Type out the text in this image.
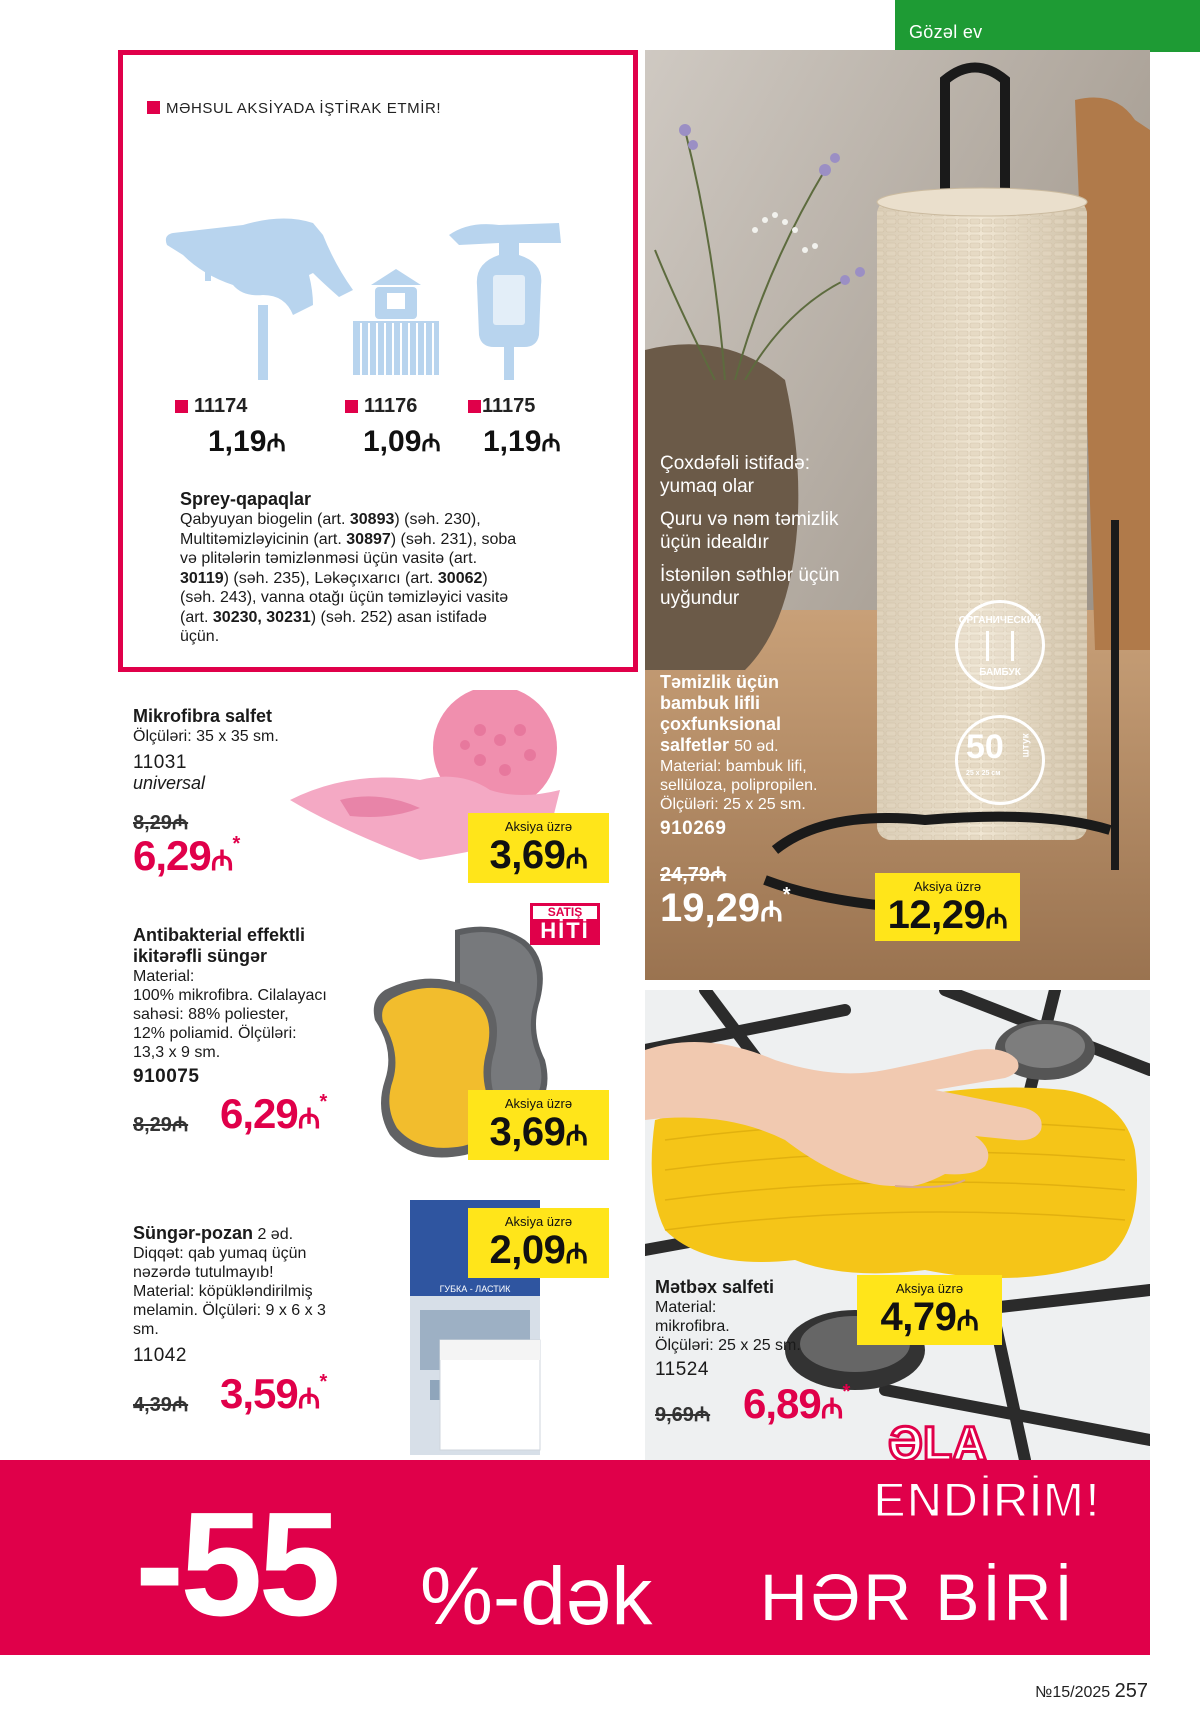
Gözəl ev
MƏHSUL AKSİYADA İŞTİRAK ETMİR!
11174	11176	11175
1,19₼	1,09₼ 1,19₼
Sprey-qapaqlar
Qabyuyan biogelin (art. 30893) (səh. 230),
Multitəmizləyicinin (art. 30897) (səh. 231), soba
və plitələrin təmizlənməsi üçün vasitə (art.
30119) (səh. 235), Ləkəçıxarıcı (art. 30062)
(səh. 243), vanna otağı üçün təmizləyici vasitə
(art. 30230, 30231) (səh. 252) asan istifadə
üçün.
ОРГАНИЧЕСКИЙ
БАМБУК
50 штук
25 x 25 см
Çoxdəfəli istifadə:
yumaq olar
Quru və nəm təmizlik
üçün idealdır
İstənilən səthlər üçün
uyğundur
Təmizlik üçün
bambuk lifli
çoxfunksional
salfetlər 50 əd.
Material: bambuk lifi,
sellüloza, polipropilen.
Ölçüləri: 25 x 25 sm.
910269
24,79₼
19,29₼*	Aksiya üzrə
12,29₼
Mikrofibra salfet
Ölçüləri: 35 x 35 sm.
11031
universal
8,29₼
6,29₼*
Aksiya üzrə
3,69₼
SATIŞ
HİTİ
Antibakterial effektli
ikitərəfli süngər
Material:
100% mikrofibra. Cilalayacı
sahəsi: 88% poliester,
12% poliamid. Ölçüləri:
13,3 x 9 sm.
910075
8,29₼ 6,29₼*	Aksiya üzrə
3,69₼
ГУБКА - ЛАСТИК
Süngər-pozan 2 əd.
Diqqət: qab yumaq üçün
nəzərdə tutulmayıb!
Material: köpükləndirilmiş
melamin. Ölçüləri: 9 x 6 x 3
sm.
11042
4,39₼ 3,59₼*
Aksiya üzrə
2,09₼
Mətbəx salfeti
Material:
mikrofibra.
Ölçüləri: 25 x 25 sm.
11524
9,69₼ 6,89₼*
Aksiya üzrə
4,79₼
-55 %-dək HƏR BİRİ
ƏLA
ENDİRİM!
№15/2025 257
